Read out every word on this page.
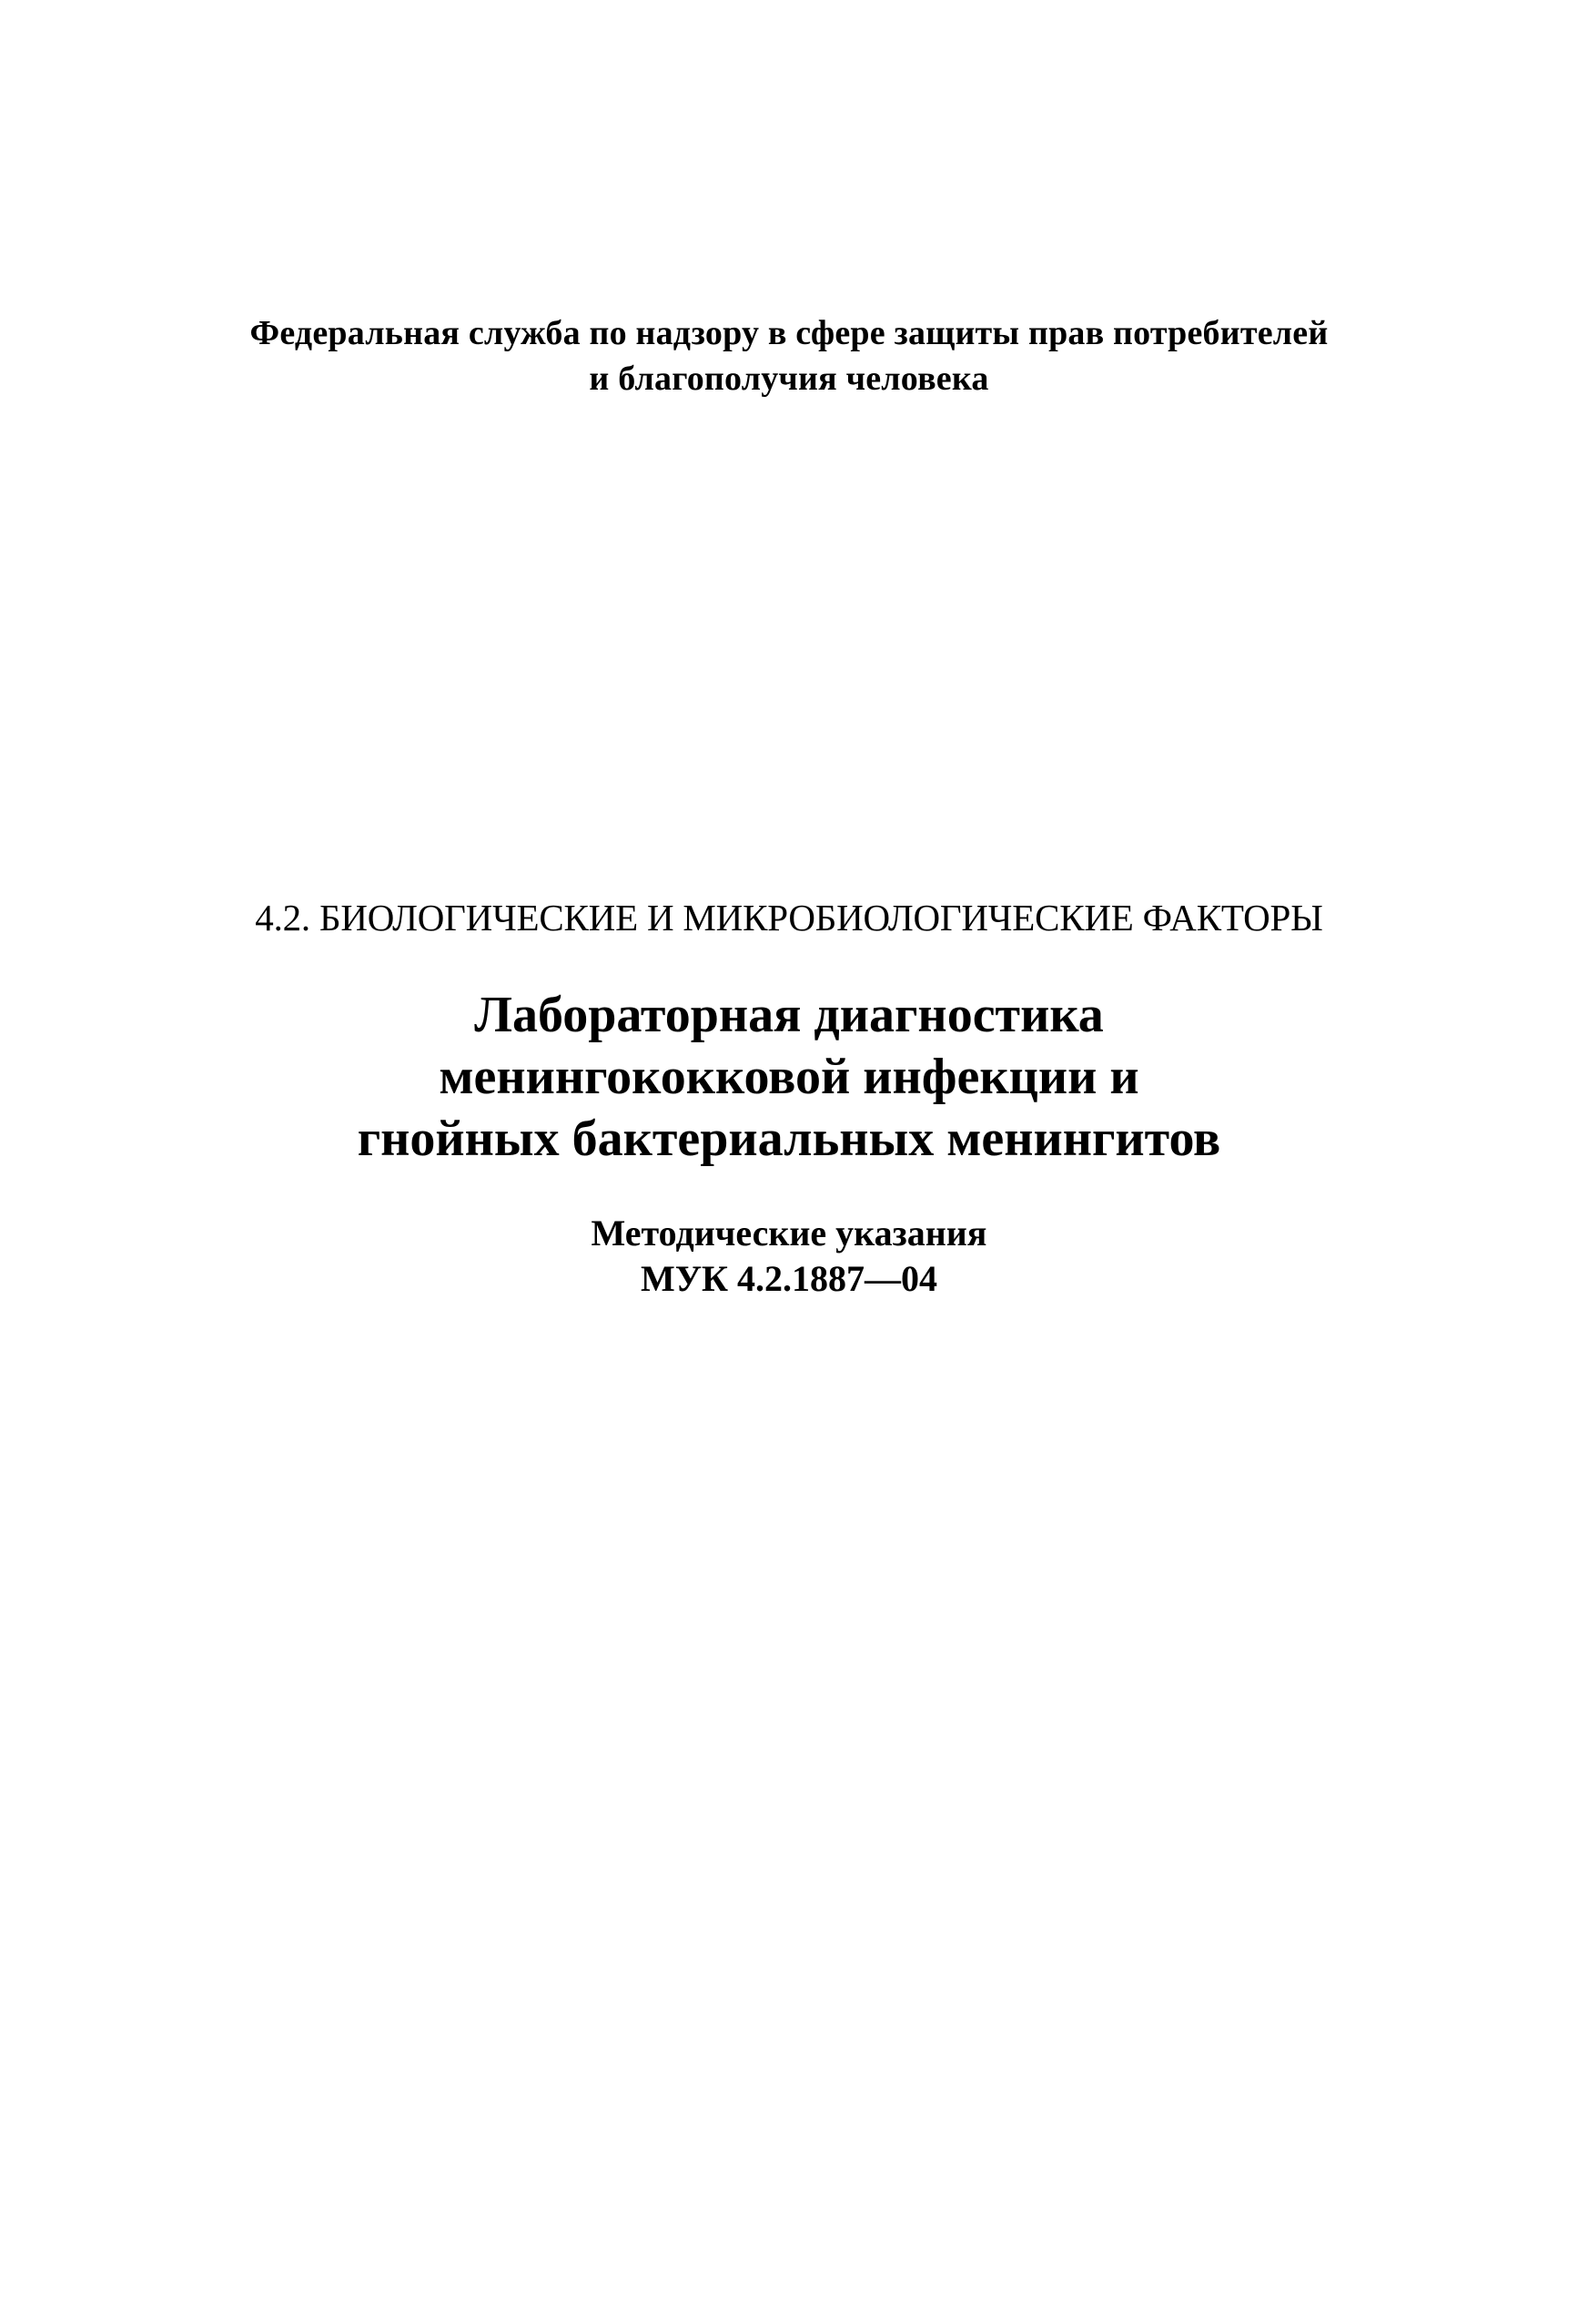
Федеральная служба по надзору в сфере защиты прав потребителей
и благополучия человека
4.2. БИОЛОГИЧЕСКИЕ И МИКРОБИОЛОГИЧЕСКИЕ ФАКТОРЫ
Лабораторная диагностика
менингококковой инфекции и
гнойных бактериальных менингитов
Методические указания
МУК 4.2.1887—04
